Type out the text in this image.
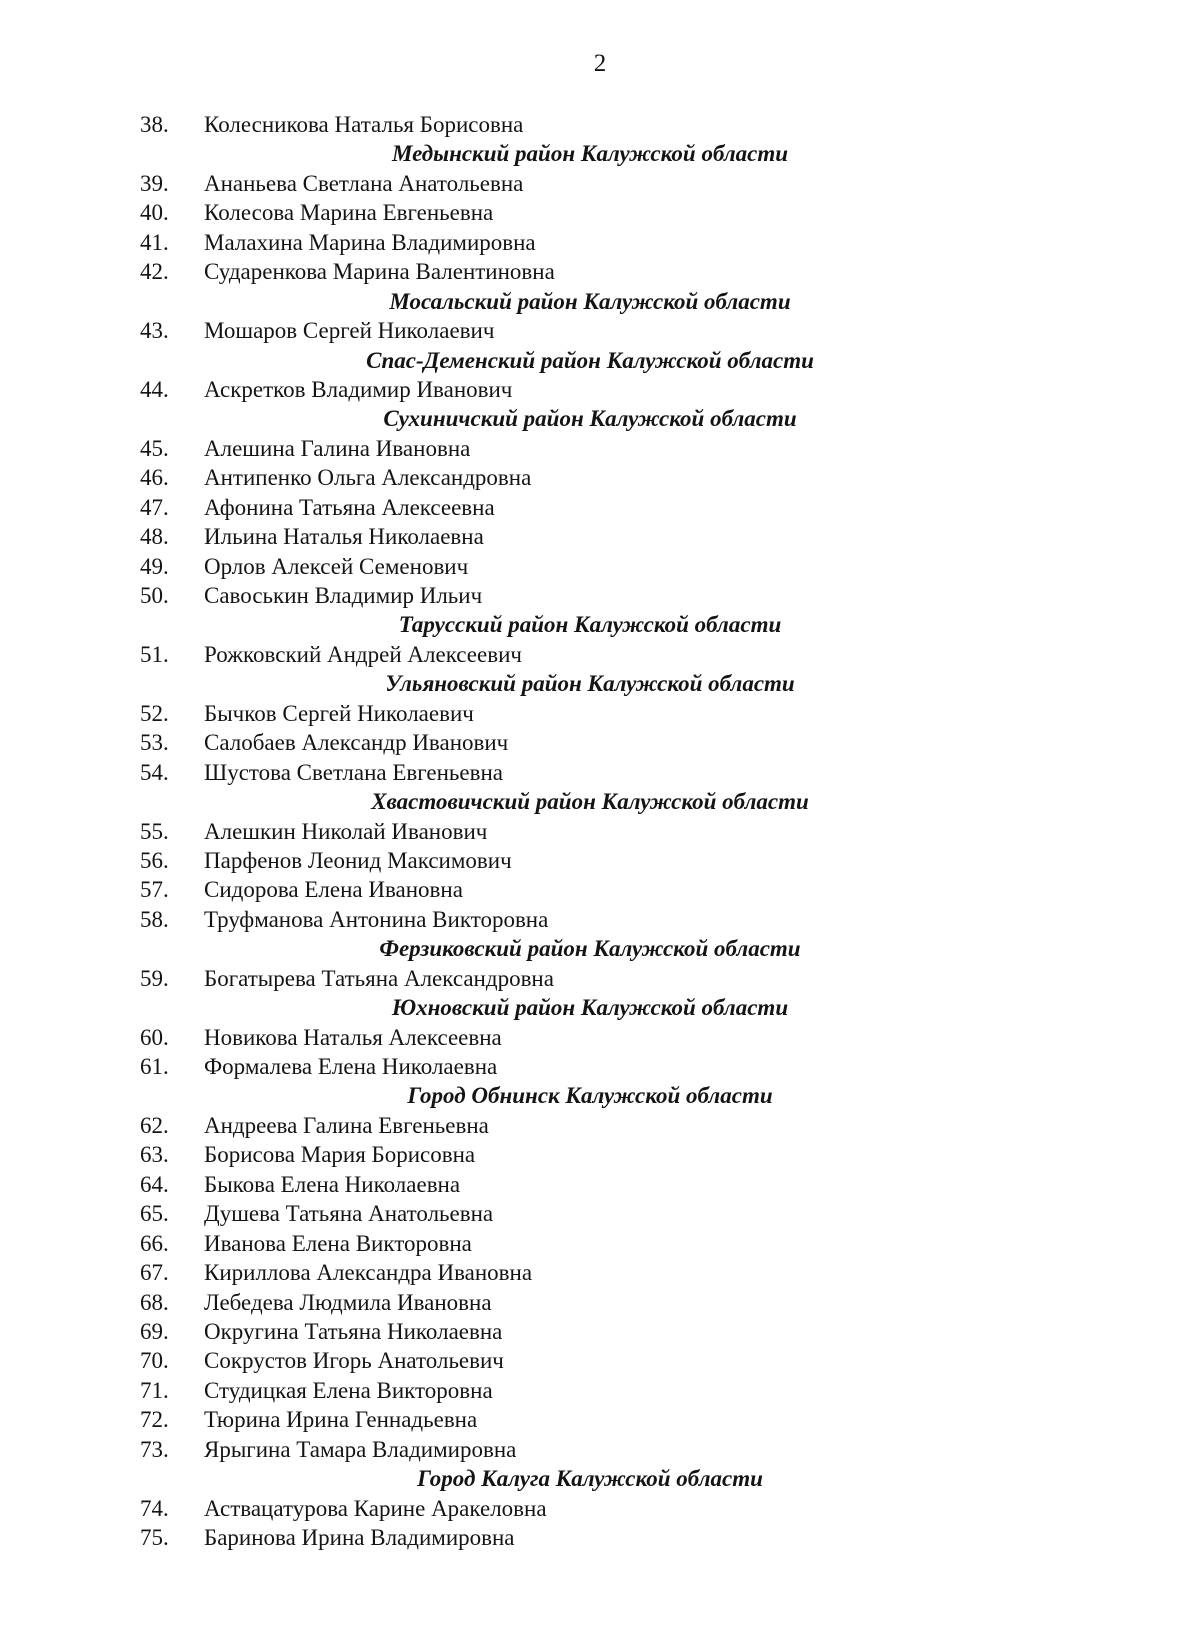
2
38. Колесникова Наталья Борисовна
Медынский район Калужской области
39. Ананьева Светлана Анатольевна
40. Колесова Марина Евгеньевна
41. Малахина Марина Владимировна
42. Сударенкова Марина Валентиновна
Мосальский район Калужской области
43. Мошаров Сергей Николаевич
Спас-Деменский район Калужской области
44. Аскретков Владимир Иванович
Сухиничский район Калужской области
45. Алешина Галина Ивановна
46. Антипенко Ольга Александровна
47. Афонина Татьяна Алексеевна
48. Ильина Наталья Николаевна
49. Орлов Алексей Семенович
50. Савоськин Владимир Ильич
Тарусский район Калужской области
51. Рожковский Андрей Алексеевич
Ульяновский район Калужской области
52. Бычков Сергей Николаевич
53. Салобаев Александр Иванович
54. Шустова Светлана Евгеньевна
Хвастовичский район Калужской области
55. Алешкин Николай Иванович
56. Парфенов Леонид Максимович
57. Сидорова Елена Ивановна
58. Труфманова Антонина Викторовна
Ферзиковский район Калужской области
59. Богатырева Татьяна Александровна
Юхновский район Калужской области
60. Новикова Наталья Алексеевна
61. Формалева Елена Николаевна
Город Обнинск Калужской области
62. Андреева Галина Евгеньевна
63. Борисова Мария Борисовна
64. Быкова Елена Николаевна
65. Душева Татьяна Анатольевна
66. Иванова Елена Викторовна
67. Кириллова Александра Ивановна
68. Лебедева Людмила Ивановна
69. Округина Татьяна Николаевна
70. Сокрустов Игорь Анатольевич
71. Студицкая Елена Викторовна
72. Тюрина Ирина Геннадьевна
73. Ярыгина Тамара Владимировна
Город Калуга Калужской области
74. Аствацатурова Карине Аракеловна
75. Баринова Ирина Владимировна
